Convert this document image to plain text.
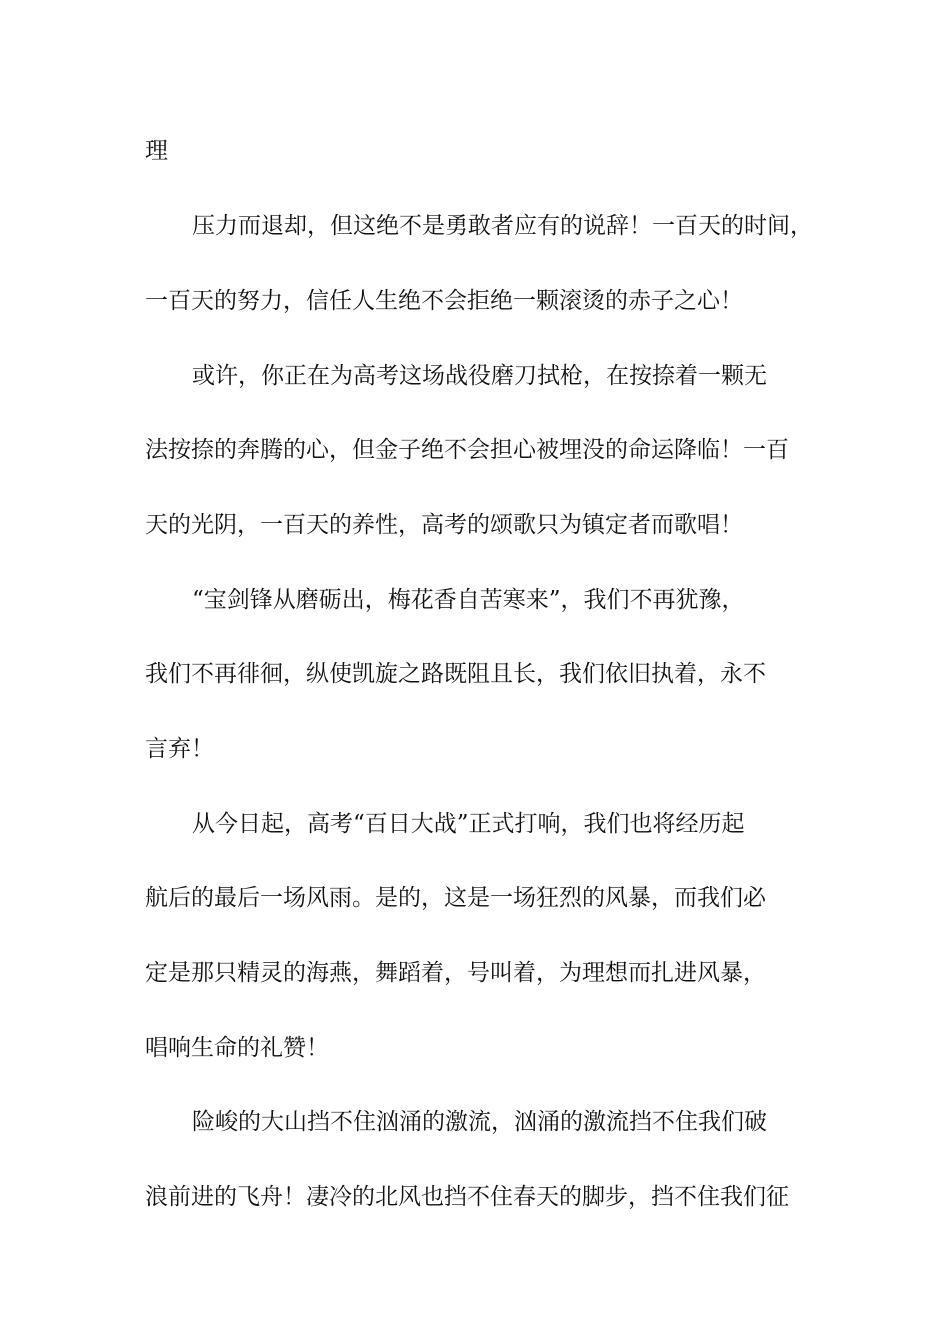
理
压力而退却，但这绝不是勇敢者应有的说辞！一百天的时间，
一百天的努力，信任人生绝不会拒绝一颗滚烫的赤子之心！
或许，你正在为高考这场战役磨刀拭枪，在按捺着一颗无
法按捺的奔腾的心，但金子绝不会担心被埋没的命运降临！一百
天的光阴，一百天的养性，高考的颂歌只为镇定者而歌唱！
“宝剑锋从磨砺出，梅花香自苦寒来”，我们不再犹豫，
我们不再徘徊，纵使凯旋之路既阻且长，我们依旧执着，永不
言弃！
从今日起，高考“百日大战”正式打响，我们也将经历起
航后的最后一场风雨。是的，这是一场狂烈的风暴，而我们必
定是那只精灵的海燕，舞蹈着，号叫着，为理想而扎进风暴，
唱响生命的礼赞！
险峻的大山挡不住汹涌的激流，汹涌的激流挡不住我们破
浪前进的飞舟！凄冷的北风也挡不住春天的脚步，挡不住我们征
